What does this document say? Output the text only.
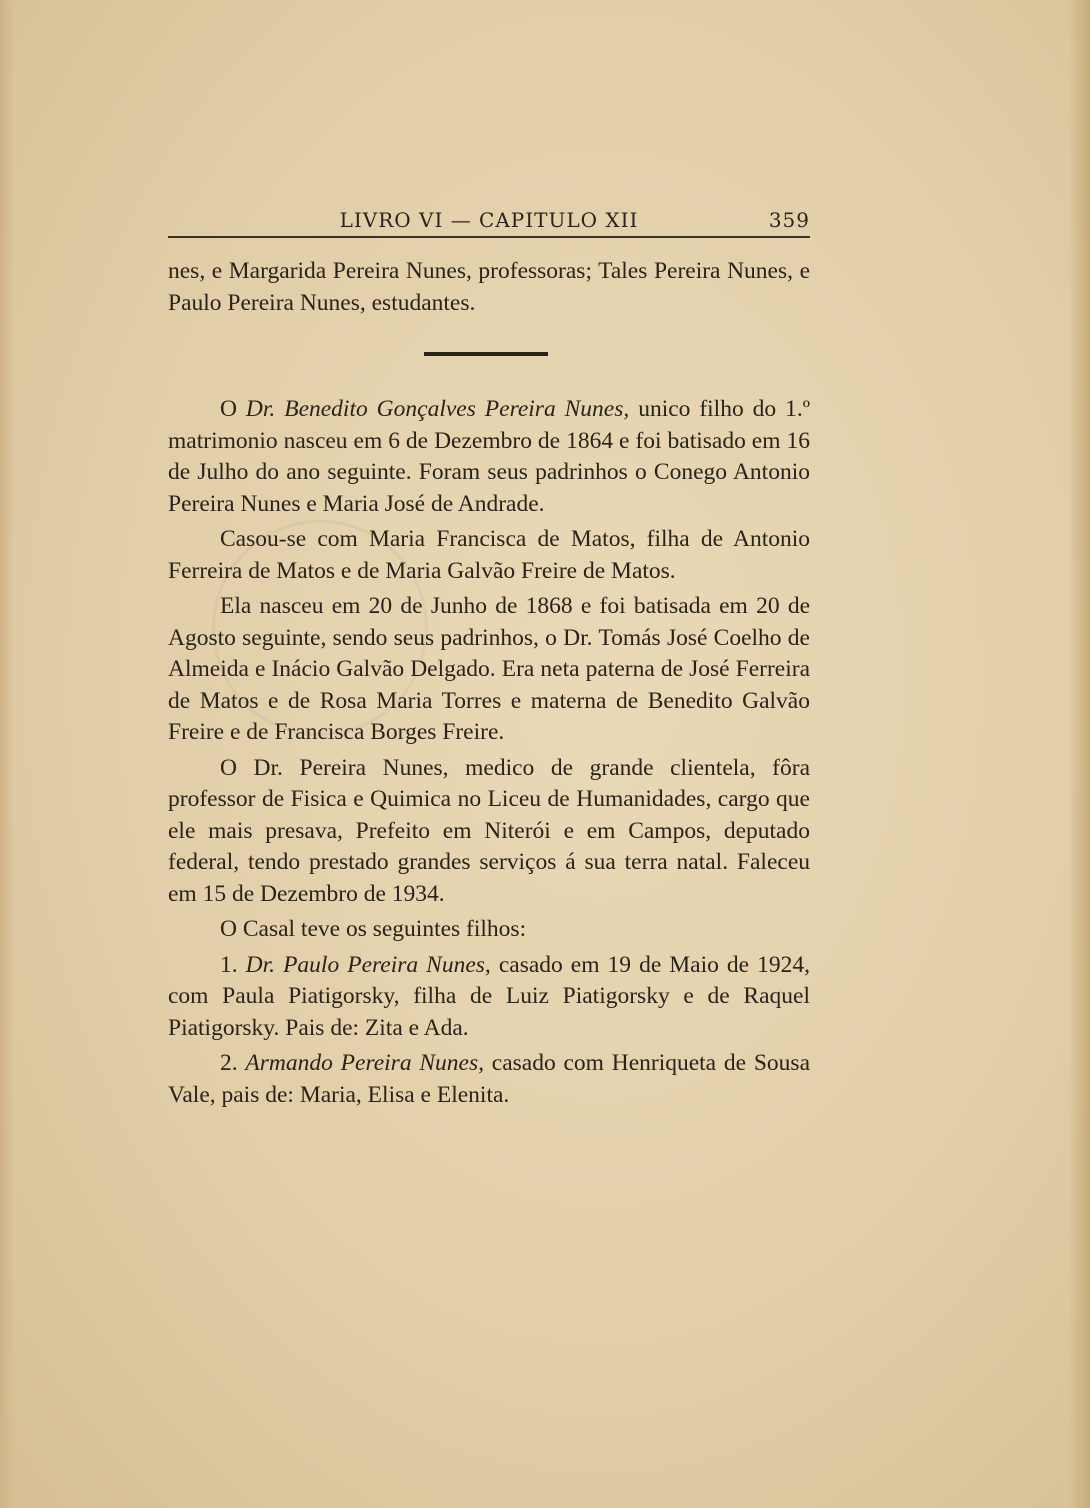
LIVRO VI — CAPITULO XII	359

nes, e Margarida Pereira Nunes, professoras; Tales Pereira Nunes, e Paulo Pereira Nunes, estudantes.

O Dr. Benedito Gonçalves Pereira Nunes, unico filho do 1.º matrimonio nasceu em 6 de Dezembro de 1864 e foi batisado em 16 de Julho do ano seguinte. Foram seus padrinhos o Conego Antonio Pereira Nunes e Maria José de Andrade.

Casou-se com Maria Francisca de Matos, filha de Antonio Ferreira de Matos e de Maria Galvão Freire de Matos.

Ela nasceu em 20 de Junho de 1868 e foi batisada em 20 de Agosto seguinte, sendo seus padrinhos, o Dr. Tomás José Coelho de Almeida e Inácio Galvão Delgado. Era neta paterna de José Ferreira de Matos e de Rosa Maria Torres e materna de Benedito Galvão Freire e de Francisca Borges Freire.

O Dr. Pereira Nunes, medico de grande clientela, fôra professor de Fisica e Quimica no Liceu de Humanidades, cargo que ele mais presava, Prefeito em Niterói e em Campos, deputado federal, tendo prestado grandes serviços á sua terra natal. Faleceu em 15 de Dezembro de 1934.

O Casal teve os seguintes filhos:

1. Dr. Paulo Pereira Nunes, casado em 19 de Maio de 1924, com Paula Piatigorsky, filha de Luiz Piatigorsky e de Raquel Piatigorsky. Pais de: Zita e Ada.

2. Armando Pereira Nunes, casado com Henriqueta de Sousa Vale, pais de: Maria, Elisa e Elenita.
